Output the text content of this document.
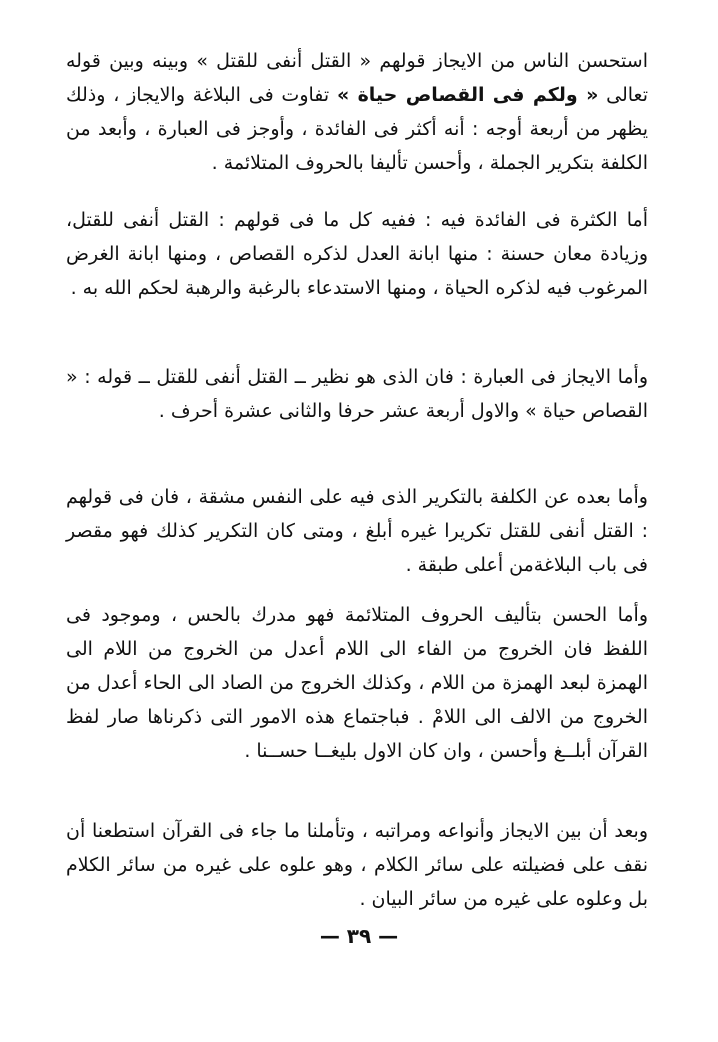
استحسن الناس من الايجاز قولهم « القتل أنفى للقتل » وبينه وبين قوله تعالى « ولكم فى القصاص حياة » تفاوت فى البلاغة والايجاز ، وذلك يظهر من أربعة أوجه : أنه أكثر فى الفائدة ، وأوجز فى العبارة ، وأبعد من الكلفة بتكرير الجملة ، وأحسن تأليفا بالحروف المتلائمة .

أما الكثرة فى الفائدة فيه : ففيه كل ما فى قولهم : القتل أنفى للقتل، وزيادة معان حسنة : منها ابانة العدل لذكره القصاص ، ومنها ابانة الغرض المرغوب فيه لذكره الحياة ، ومنها الاستدعاء بالرغبة والرهبة لحكم الله به .

وأما الايجاز فى العبارة : فان الذى هو نظير ــ القتل أنفى للقتل ــ قوله : « القصاص حياة » والاول أربعة عشر حرفا والثانى عشرة أحرف .

وأما بعده عن الكلفة بالتكرير الذى فيه على النفس مشقة ، فان فى قولهم : القتل أنفى للقتل تكريرا غيره أبلغ ، ومتى كان التكرير كذلك فهو مقصر فى باب البلاغةمن أعلى طبقة .

وأما الحسن بتأليف الحروف المتلائمة فهو مدرك بالحس ، وموجود فى اللفظ فان الخروج من الفاء الى اللام أعدل من الخروج من اللام الى الهمزة لبعد الهمزة من اللام ، وكذلك الخروج من الصاد الى الحاء أعدل من الخروج من الالف الى اللامْ . فباجتماع هذه الامور التى ذكرناها صار لفظ القرآن أبلــغ وأحسن ، وان كان الاول بليغــا حســنا .

وبعد أن بين الايجاز وأنواعه ومراتبه ، وتأملنا ما جاء فى القرآن استطعنا أن نقف على فضيلته على سائر الكلام ، وهو علوه على غيره من سائر الكلام بل وعلوه على غيره من سائر البيان .

— ٣٩ —
